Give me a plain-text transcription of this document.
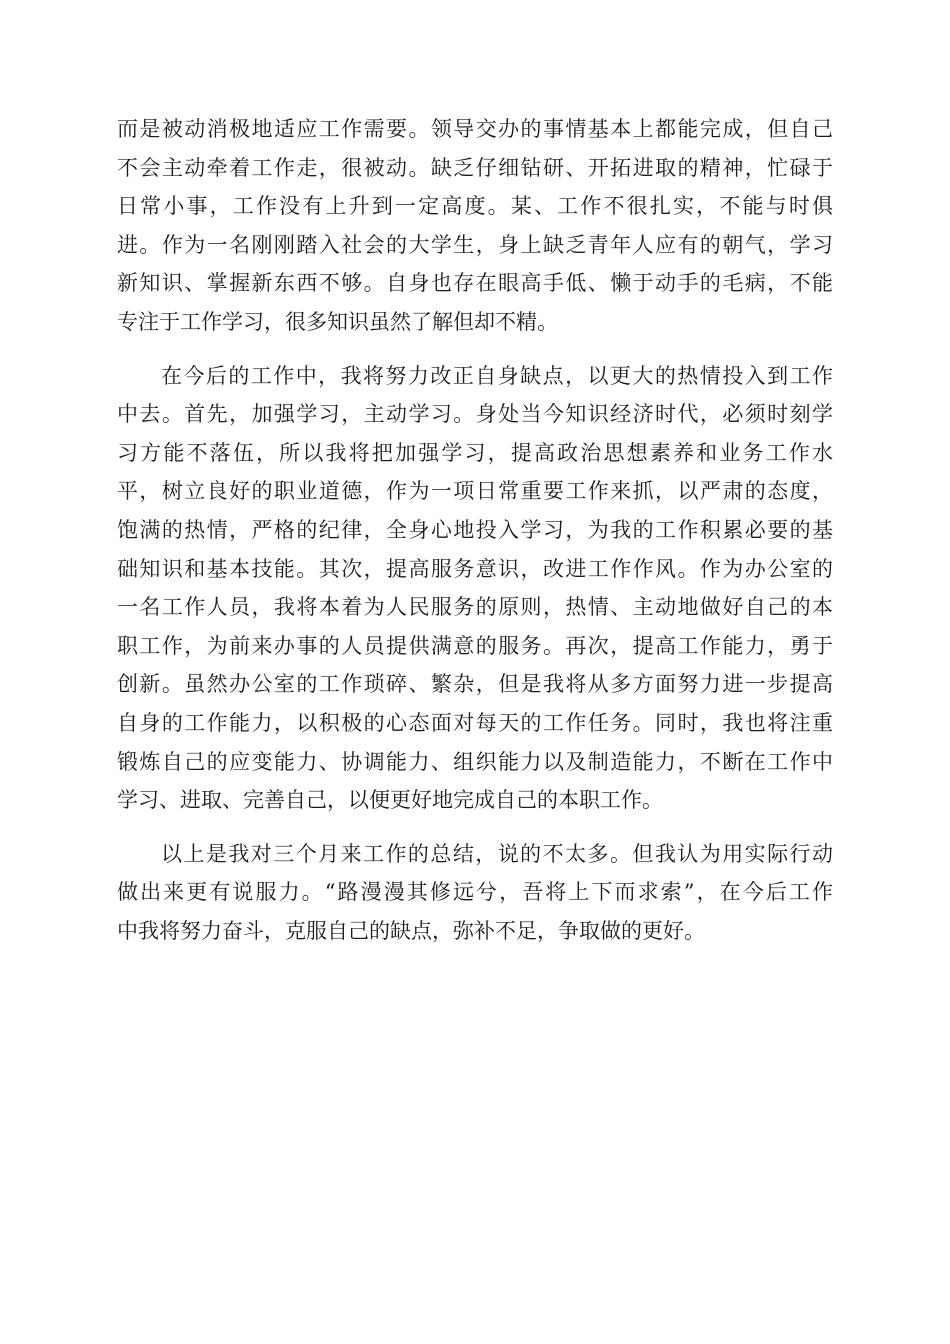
而是被动消极地适应工作需要。领导交办的事情基本上都能完成，但自己
不会主动牵着工作走，很被动。缺乏仔细钻研、开拓进取的精神，忙碌于
日常小事，工作没有上升到一定高度。某、工作不很扎实，不能与时俱
进。作为一名刚刚踏入社会的大学生，身上缺乏青年人应有的朝气，学习
新知识、掌握新东西不够。自身也存在眼高手低、懒于动手的毛病，不能
专注于工作学习，很多知识虽然了解但却不精。
在今后的工作中，我将努力改正自身缺点，以更大的热情投入到工作
中去。首先，加强学习，主动学习。身处当今知识经济时代，必须时刻学
习方能不落伍，所以我将把加强学习，提高政治思想素养和业务工作水
平，树立良好的职业道德，作为一项日常重要工作来抓，以严肃的态度，
饱满的热情，严格的纪律，全身心地投入学习，为我的工作积累必要的基
础知识和基本技能。其次，提高服务意识，改进工作作风。作为办公室的
一名工作人员，我将本着为人民服务的原则，热情、主动地做好自己的本
职工作，为前来办事的人员提供满意的服务。再次，提高工作能力，勇于
创新。虽然办公室的工作琐碎、繁杂，但是我将从多方面努力进一步提高
自身的工作能力，以积极的心态面对每天的工作任务。同时，我也将注重
锻炼自己的应变能力、协调能力、组织能力以及制造能力，不断在工作中
学习、进取、完善自己，以便更好地完成自己的本职工作。
以上是我对三个月来工作的总结，说的不太多。但我认为用实际行动
做出来更有说服力。“路漫漫其修远兮，吾将上下而求索”，在今后工作
中我将努力奋斗，克服自己的缺点，弥补不足，争取做的更好。
